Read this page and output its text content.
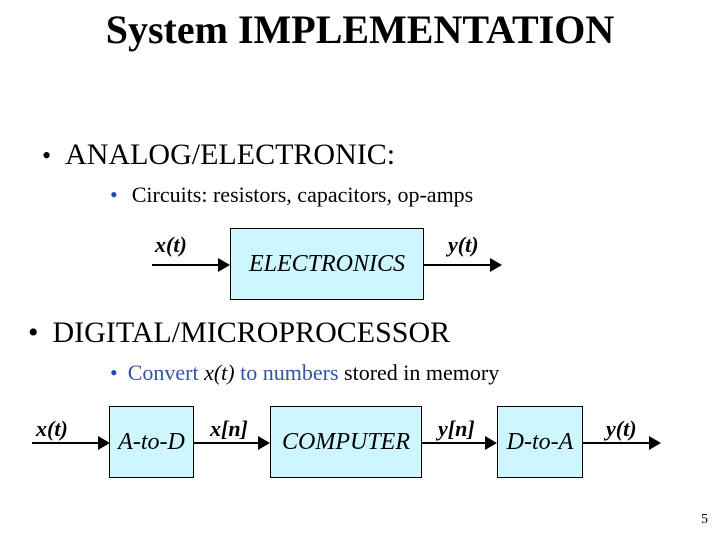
System IMPLEMENTATION
• ANALOG/ELECTRONIC:
• Circuits: resistors, capacitors, op-amps
x(t)
ELECTRONICS
y(t)
• DIGITAL/MICROPROCESSOR
• Convert x(t) to numbers stored in memory
x(t)	A-to-D	x[n]	COMPUTER	y[n]	D-to-A	y(t)
5
